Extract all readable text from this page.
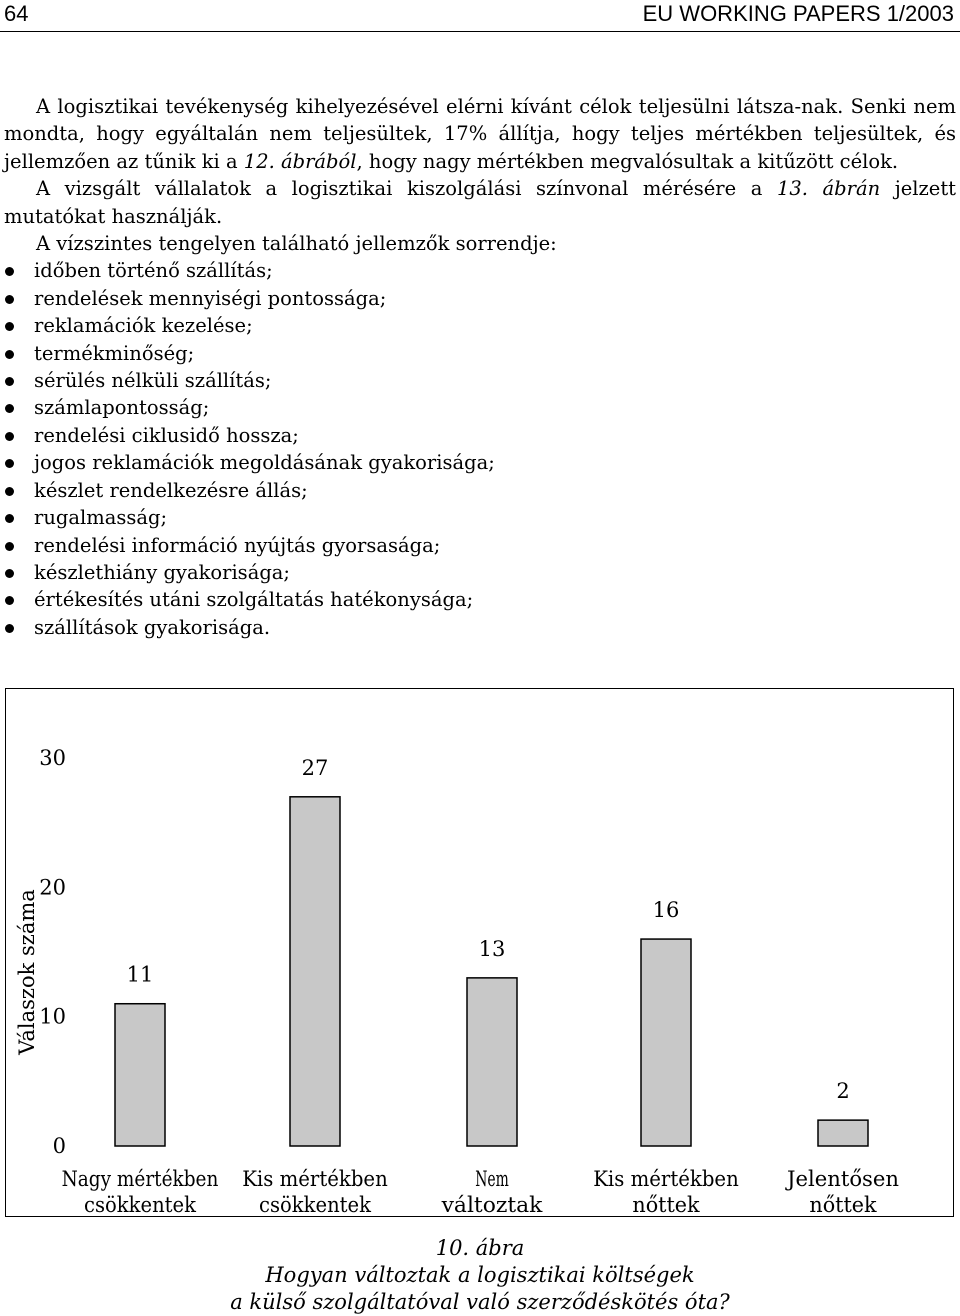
64	EU WORKING PAPERS 1/2003

A logisztikai tevékenység kihelyezésével elérni kívánt célok teljesülni látsza-nak. Senki nem mondta, hogy egyáltalán nem teljesültek, 17% állítja, hogy teljes mértékben teljesültek, és jellemzően az tűnik ki a 12. ábrából, hogy nagy mértékben megvalósultak a kitűzött célok.

A vizsgált vállalatok a logisztikai kiszolgálási színvonal mérésére a 13. ábrán jelzett mutatókat használják.

A vízszintes tengelyen található jellemzők sorrendje:

időben történő szállítás;
rendelések mennyiségi pontossága;
reklamációk kezelése;
termékminőség;
sérülés nélküli szállítás;
számlapontosság;
rendelési ciklusidő hossza;
jogos reklamációk megoldásának gyakorisága;
készlet rendelkezésre állás;
rugalmasság;
rendelési információ nyújtás gyorsasága;
készlethiány gyakorisága;
értékesítés utáni szolgáltatás hatékonysága;
szállítások gyakorisága.
0
10
20
30
Válaszok száma	11
Nagy mértékben
csökkentek
27
Kis mértékben
csökkentek
13
Nem
változtak
16
Kis mértékben
nőttek
2
Jelentősen
nőttek
10. ábra
Hogyan változtak a logisztikai költségek
a külső szolgáltatóval való szerződéskötés óta?
